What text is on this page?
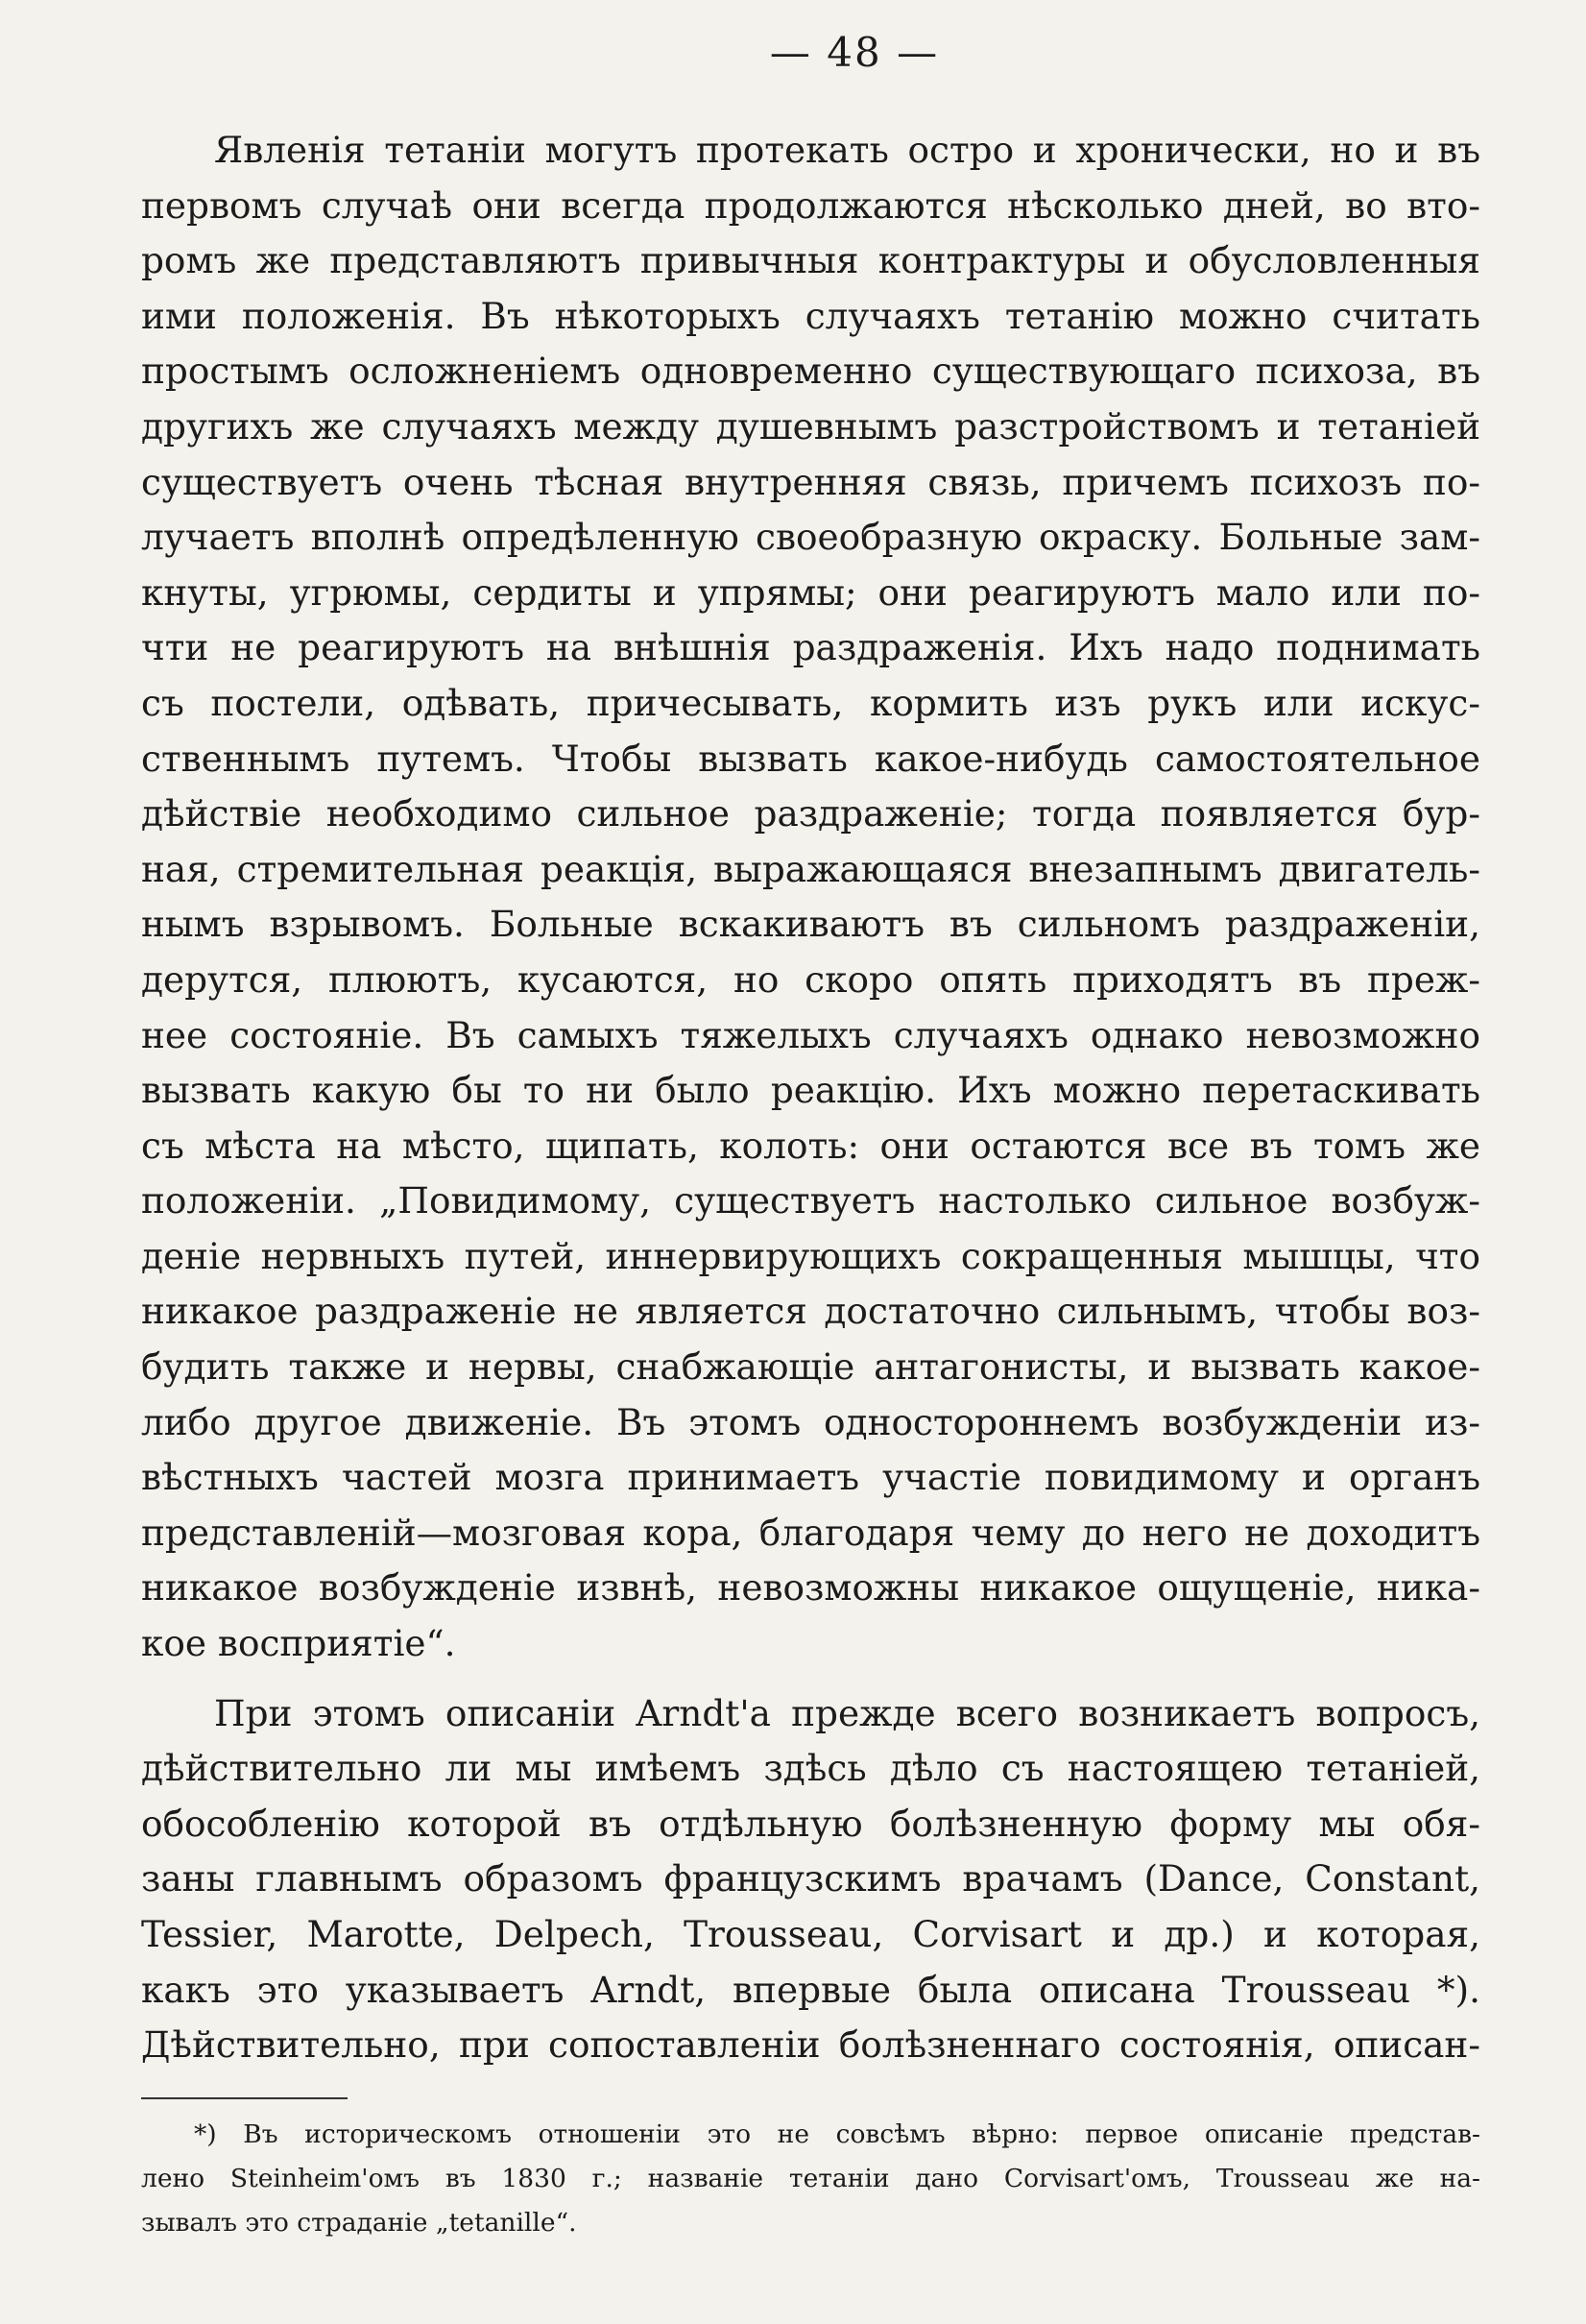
— 48 —
Явленія тетаніи могутъ протекать остро и хронически, но и въ
первомъ случаѣ они всегда продолжаются нѣсколько дней, во вто-
ромъ же представляютъ привычныя контрактуры и обусловленныя
ими положенія. Въ нѣкоторыхъ случаяхъ тетанію можно считать
простымъ осложненіемъ одновременно существующаго психоза, въ
другихъ же случаяхъ между душевнымъ разстройствомъ и тетаніей
существуетъ очень тѣсная внутренняя связь, причемъ психозъ по-
лучаетъ вполнѣ опредѣленную своеобразную окраску. Больные зам-
кнуты, угрюмы, сердиты и упрямы; они реагируютъ мало или по-
чти не реагируютъ на внѣшнія раздраженія. Ихъ надо поднимать
съ постели, одѣвать, причесывать, кормить изъ рукъ или искус-
ственнымъ путемъ. Чтобы вызвать какое-нибудь самостоятельное
дѣйствіе необходимо сильное раздраженіе; тогда появляется бур-
ная, стремительная реакція, выражающаяся внезапнымъ двигатель-
нымъ взрывомъ. Больные вскакиваютъ въ сильномъ раздраженіи,
дерутся, плюютъ, кусаются, но скоро опять приходятъ въ преж-
нее состояніе. Въ самыхъ тяжелыхъ случаяхъ однако невозможно
вызвать какую бы то ни было реакцію. Ихъ можно перетаскивать
съ мѣста на мѣсто, щипать, колоть: они остаются все въ томъ же
положеніи. „Повидимому, существуетъ настолько сильное возбуж-
деніе нервныхъ путей, иннервирующихъ сокращенныя мышцы, что
никакое раздраженіе не является достаточно сильнымъ, чтобы воз-
будить также и нервы, снабжающіе антагонисты, и вызвать какое-
либо другое движеніе. Въ этомъ одностороннемъ возбужденіи из-
вѣстныхъ частей мозга принимаетъ участіе повидимому и органъ
представленій—мозговая кора, благодаря чему до него не доходитъ
никакое возбужденіе извнѣ, невозможны никакое ощущеніе, ника-
кое восприятіе“.
При этомъ описаніи Arndt'а прежде всего возникаетъ вопросъ,
дѣйствительно ли мы имѣемъ здѣсь дѣло съ настоящею тетаніей,
обособленію которой въ отдѣльную болѣзненную форму мы обя-
заны главнымъ образомъ французскимъ врачамъ (Dance, Constant,
Tessier, Marotte, Delpech, Trousseau, Corvisart и др.) и которая,
какъ это указываетъ Arndt, впервые была описана Trousseau *).
Дѣйствительно, при сопоставленіи болѣзненнаго состоянія, описан-
*) Въ историческомъ отношеніи это не совсѣмъ вѣрно: первое описаніе представ-
лено Steinheim'омъ въ 1830 г.; названіе тетаніи дано Corvisart'омъ, Trousseau же на-
зывалъ это страданіе „tetanille“.
